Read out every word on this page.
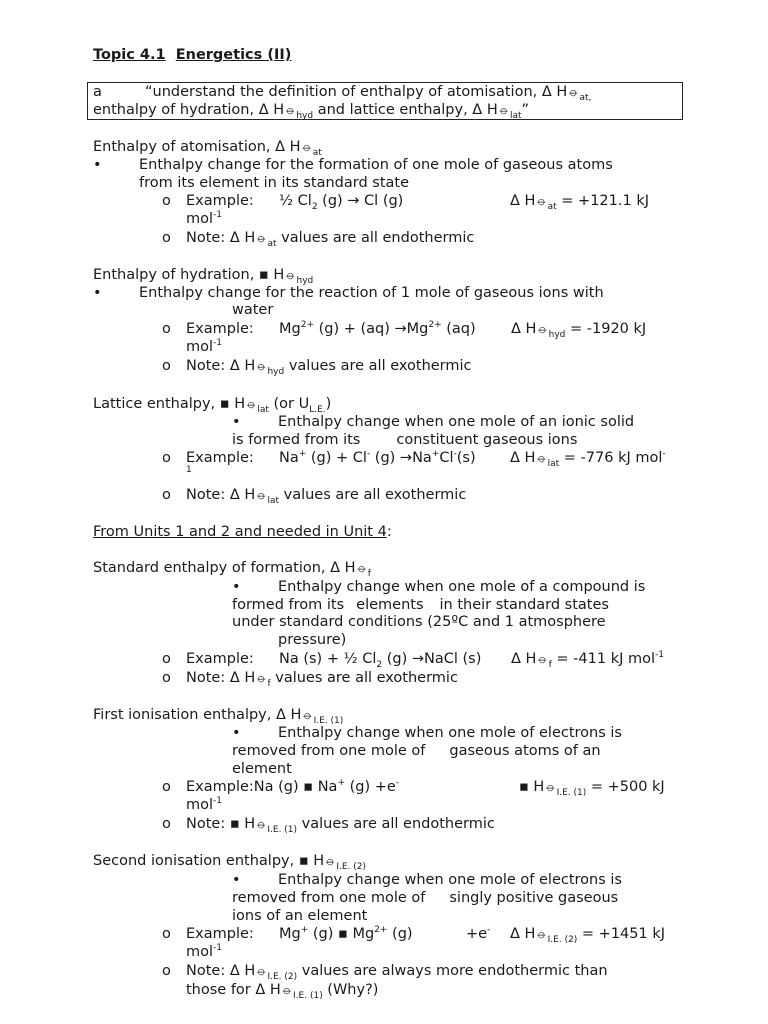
Topic 4.1 Energetics (II)
a	“understand the definition of enthalpy of atomisation, Δ $H⦵_{at,}$
enthalpy of hydration, Δ $H⦵_{hyd}$ and lattice enthalpy, Δ $H⦵_{lat}$”
Enthalpy of atomisation, Δ $H⦵_{at}$
•	Enthalpy change for the formation of one mole of gaseous atoms
from its element in its standard state
o Example: ½ $Cl_2$ (g) → Cl (g)	Δ $H⦵_{at} = +121.1$ kJ
mol$^{-1}$
o Note: Δ $H⦵_{at}$ values are all endothermic
Enthalpy of hydration, ▪ $H⦵_{hyd}$
•	Enthalpy change for the reaction of 1 mole of gaseous ions with
water
o Example: $Mg^{2+}$ $(g) + (aq) \to Mg^{2+}$ (aq) Δ $H⦵_{hyd} = -1920$ kJ
mol$^{-1}$
o Note: Δ $H⦵_{hyd}$ values are all exothermic
Lattice enthalpy, ▪ $H⦵_{lat}$ (or $U_{L.E.}$)
•	Enthalpy change when one mole of an ionic solid
is formed from its constituent gaseous ions
o Example: Na+ (g) + Cl- (g) →Na+Cl-(s) Δ $H⦵_{lat} = -776$ kJ mol-
1
o Note: Δ $H⦵_{lat}$ values are all exothermic
From Units 1 and 2 and needed in Unit 4:
Standard enthalpy of formation, Δ $H⦵_f$
•	Enthalpy change when one mole of a compound is
formed from its elements in their standard states
under standard conditions (25ºC and 1 atmosphere
pressure)
o Example: Na (s) + ½ $Cl_2$ (g) →NaCl (s) Δ $H⦵_f = -411$ kJ mol$^{-1}$
o Note: Δ $H⦵_f$ values are all exothermic
First ionisation enthalpy, Δ $H⦵_{I.E. (1)}$
•	Enthalpy change when one mole of electrons is
removed from one mole of gaseous atoms of an
element
o Example:Na (g) ▪ Na+ (g) +e-	▪ $H⦵_{I.E. (1)} = +500$ kJ
mol$^{-1}$
o Note: ▪ $H⦵_{I.E. (1)}$ values are all endothermic
Second ionisation enthalpy, ▪ $H⦵_{I.E. (2)}$
•	Enthalpy change when one mole of electrons is
removed from one mole of singly positive gaseous
ions of an element
o Example: Mg+ (g) ▪ $Mg^{2+}$ (g)	+e- Δ $H⦵_{I.E. (2)} = +1451$ kJ
mol$^{-1}$
o Note: Δ $H⦵_{I.E. (2)}$ values are always more endothermic than
those for Δ $H⦵_{I.E. (1)}$ (Why?)
